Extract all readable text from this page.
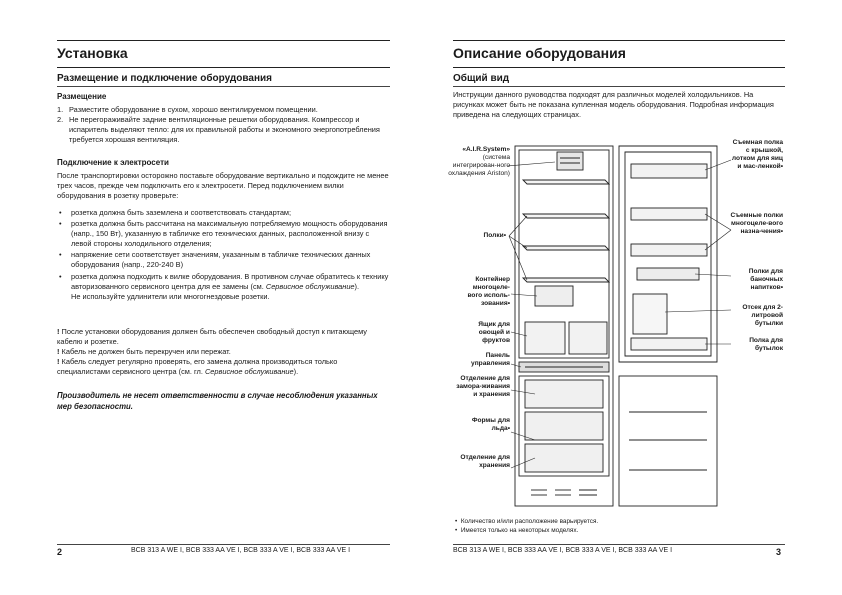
Установка
Размещение и подключение оборудования
Размещение
1. Разместите оборудование в сухом, хорошо вентилируемом помещении.
2. Не перегораживайте задние вентиляционные решетки оборудования. Компрессор и испаритель выделяют тепло: для их правильной работы и экономного энергопотребления требуется хорошая вентиляция.
Подключение к электросети

После транспортировки осторожно поставьте оборудование вертикально и подождите не менее трех часов, прежде чем подключить его к электросети. Перед подключением вилки оборудования в розетку проверьте:

• розетка должна быть заземлена и соответствовать стандартам;
• розетка должна быть рассчитана на максимальную потребляемую мощность оборудования (напр., 150 Вт), указанную в табличке его технических данных, расположенной внизу с левой стороны холодильного отделения;
• напряжение сети соответствует значениям, указанным в табличке технических данных оборудования (напр., 220-240 В)
• розетка должна подходить к вилке оборудования. В противном случае обратитесь к технику авторизованного сервисного центра для ее замены (см. Сервисное обслуживание).
Не используйте удлинители или многогнездовые розетки.

! После установки оборудования должен быть обеспечен свободный доступ к питающему кабелю и розетке.

! Кабель не должен быть перекручен или пережат.

! Кабель следует регулярно проверять, его замена должна производиться только специалистами сервисного центра (см. гл. Сервисное обслуживание).

Производитель не несет ответственности в случае несоблюдения указанных мер безопасности.
2	BCB 313 A WE I, BCB 333 AA VE I, BCB 333 A VE I, BCB 333 AA VE I
Описание оборудования
Общий вид

Инструкции данного руководства подходят для различных моделей холодильников. На рисунках может быть не показана купленная модель оборудования. Подробная информация приведена на следующих страницах.

«A.I.R.System»
(система интегрирован-ного охлаждения Ariston)
Полки•
Контейнер
многоцеле-
вого исполь-
зования•
Ящик для овощей и фруктов
Панель управления
Отделение для замора-живания и хранения
Формы для льда•
Отделение для хранения
Съемная полка с крышкой, лотком для яиц и мас-ленкой•
Съемные полки многоцеле-вого назна-чения•
Полки для баночных напитков•
Отсек для 2-литровой бутылки
Полка для бутылок
• Количество и/или расположение варьируется.
• Имеется только на некоторых моделях.
BCB 313 A WE I, BCB 333 AA VE I, BCB 333 A VE I, BCB 333 AA VE I	3
